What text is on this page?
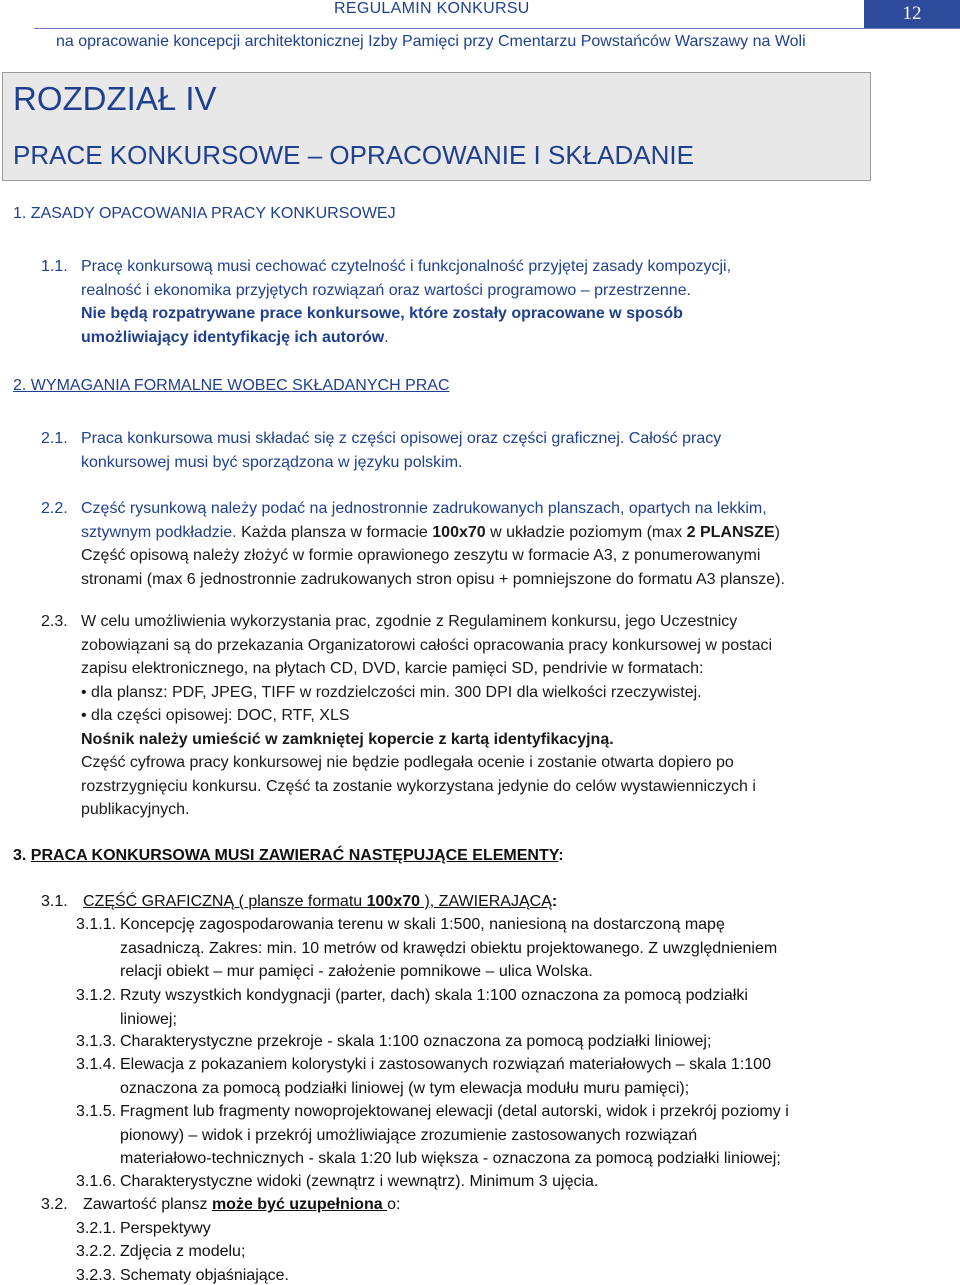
REGULAMIN KONKURSU	12
na opracowanie koncepcji architektonicznej Izby Pamięci przy Cmentarzu Powstańców Warszawy na Woli
ROZDZIAŁ IV
PRACE KONKURSOWE – OPRACOWANIE I SKŁADANIE
1. ZASADY OPACOWANIA PRACY KONKURSOWEJ
1.1. Pracę konkursową musi cechować czytelność i funkcjonalność przyjętej zasady kompozycji,
realność i ekonomika przyjętych rozwiązań oraz wartości programowo – przestrzenne.
Nie będą rozpatrywane prace konkursowe, które zostały opracowane w sposób
umożliwiający identyfikację ich autorów.
2. WYMAGANIA FORMALNE WOBEC SKŁADANYCH PRAC
2.1. Praca konkursowa musi składać się z części opisowej oraz części graficznej. Całość pracy
konkursowej musi być sporządzona w języku polskim.
2.2. Część rysunkową należy podać na jednostronnie zadrukowanych planszach, opartych na lekkim,
sztywnym podkładzie. Każda plansza w formacie 100x70 w układzie poziomym (max 2 PLANSZE)
Część opisową należy złożyć w formie oprawionego zeszytu w formacie A3, z ponumerowanymi
stronami (max 6 jednostronnie zadrukowanych stron opisu + pomniejszone do formatu A3 plansze).
2.3. W celu umożliwienia wykorzystania prac, zgodnie z Regulaminem konkursu, jego Uczestnicy
zobowiązani są do przekazania Organizatorowi całości opracowania pracy konkursowej w postaci
zapisu elektronicznego, na płytach CD, DVD, karcie pamięci SD, pendrivie w formatach:
• dla plansz: PDF, JPEG, TIFF w rozdzielczości min. 300 DPI dla wielkości rzeczywistej.
• dla części opisowej: DOC, RTF, XLS
Nośnik należy umieścić w zamkniętej kopercie z kartą identyfikacyjną.
Część cyfrowa pracy konkursowej nie będzie podlegała ocenie i zostanie otwarta dopiero po
rozstrzygnięciu konkursu. Część ta zostanie wykorzystana jedynie do celów wystawienniczych i
publikacyjnych.
3. PRACA KONKURSOWA MUSI ZAWIERAĆ NASTĘPUJĄCE ELEMENTY:
3.1. CZĘŚĆ GRAFICZNĄ ( plansze formatu 100x70 ), ZAWIERAJĄCĄ:
3.1.1. Koncepcję zagospodarowania terenu w skali 1:500, naniesioną na dostarczoną mapę
zasadniczą. Zakres: min. 10 metrów od krawędzi obiektu projektowanego. Z uwzględnieniem
relacji obiekt – mur pamięci - założenie pomnikowe – ulica Wolska.
3.1.2. Rzuty wszystkich kondygnacji (parter, dach) skala 1:100 oznaczona za pomocą podziałki
liniowej;
3.1.3. Charakterystyczne przekroje - skala 1:100 oznaczona za pomocą podziałki liniowej;
3.1.4. Elewacja z pokazaniem kolorystyki i zastosowanych rozwiązań materiałowych – skala 1:100
oznaczona za pomocą podziałki liniowej (w tym elewacja modułu muru pamięci);
3.1.5. Fragment lub fragmenty nowoprojektowanej elewacji (detal autorski, widok i przekrój poziomy i
pionowy) – widok i przekrój umożliwiające zrozumienie zastosowanych rozwiązań
materiałowo-technicznych - skala 1:20 lub większa - oznaczona za pomocą podziałki liniowej;
3.1.6. Charakterystyczne widoki (zewnątrz i wewnątrz). Minimum 3 ujęcia.
3.2. Zawartość plansz może być uzupełniona o:
3.2.1. Perspektywy
3.2.2. Zdjęcia z modelu;
3.2.3. Schematy objaśniające.
